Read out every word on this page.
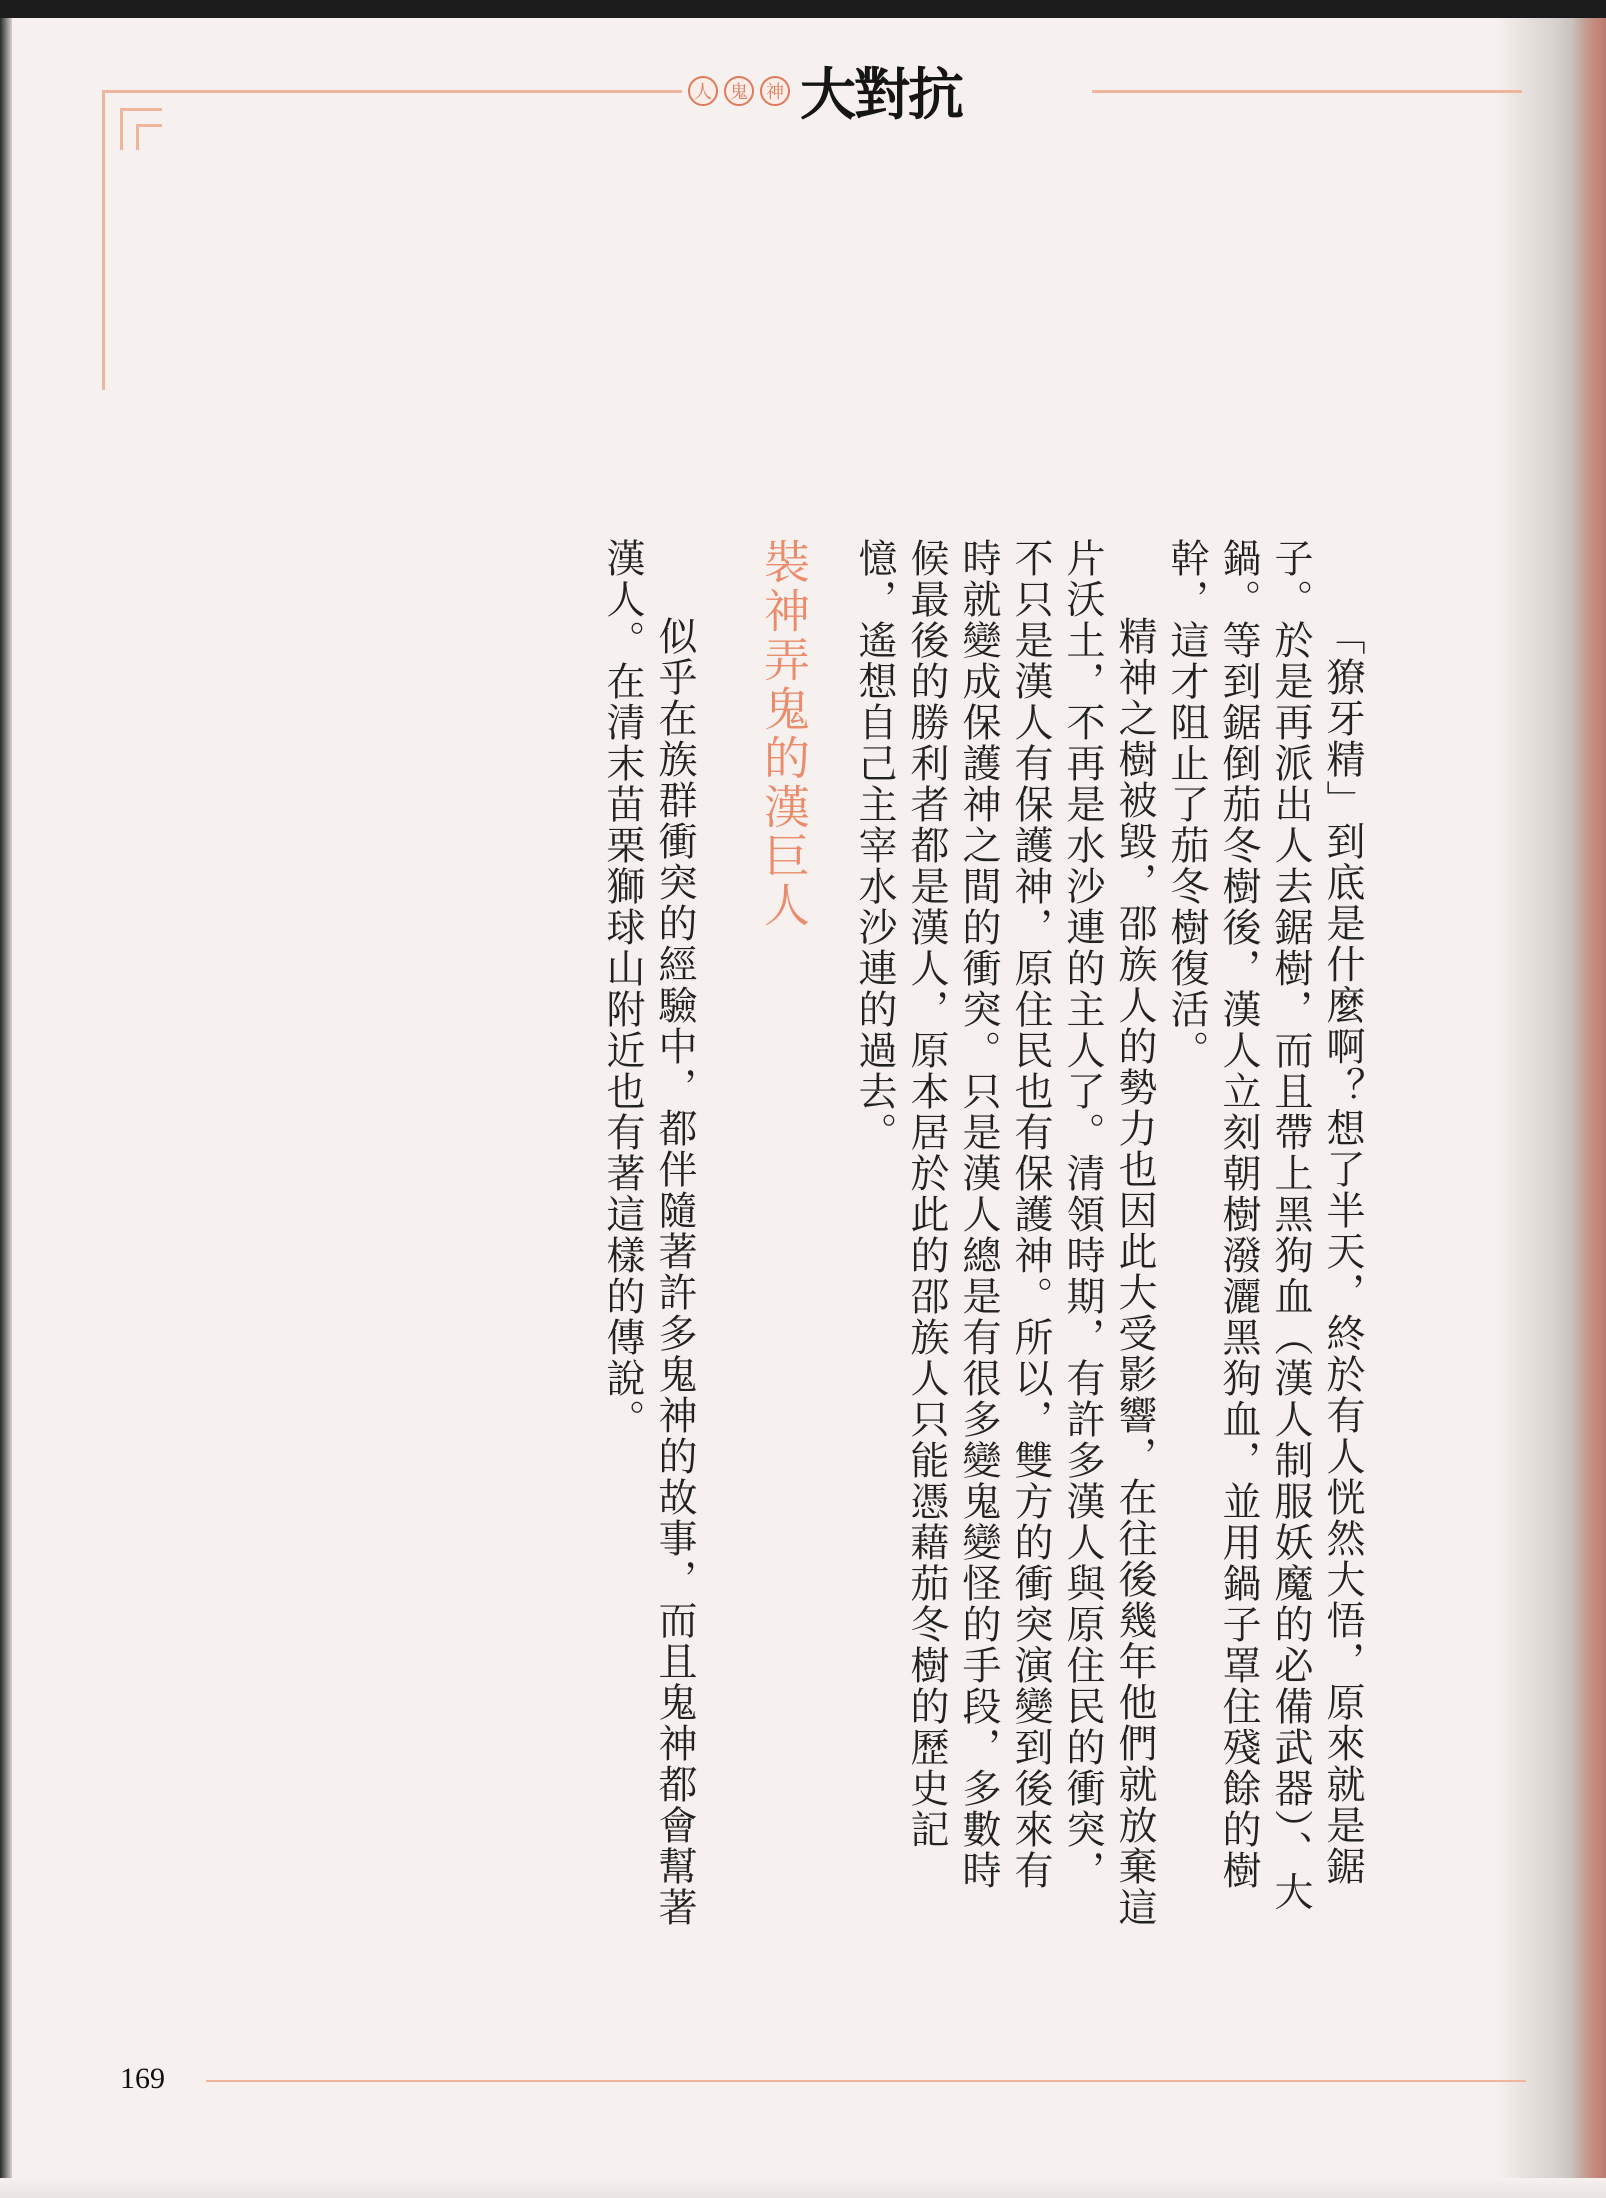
人	鬼	神 大對抗

「獠牙精」到底是什麼啊？想了半天，終於有人恍然大悟，原來就是鋸子。於是再派出人去鋸樹，而且帶上黑狗血（漢人制服妖魔的必備武器）、大鍋。等到鋸倒茄冬樹後，漢人立刻朝樹潑灑黑狗血，並用鍋子罩住殘餘的樹幹，這才阻止了茄冬樹復活。

精神之樹被毀，邵族人的勢力也因此大受影響，在往後幾年他們就放棄這片沃土，不再是水沙連的主人了。清領時期，有許多漢人與原住民的衝突，不只是漢人有保護神，原住民也有保護神。所以，雙方的衝突演變到後來有時就變成保護神之間的衝突。只是漢人總是有很多變鬼變怪的手段，多數時候最後的勝利者都是漢人，原本居於此的邵族人只能憑藉茄冬樹的歷史記憶，遙想自己主宰水沙連的過去。

裝神弄鬼的漢巨人

似乎在族群衝突的經驗中，都伴隨著許多鬼神的故事，而且鬼神都會幫著漢人。在清末苗栗獅球山附近也有著這樣的傳說。

169
